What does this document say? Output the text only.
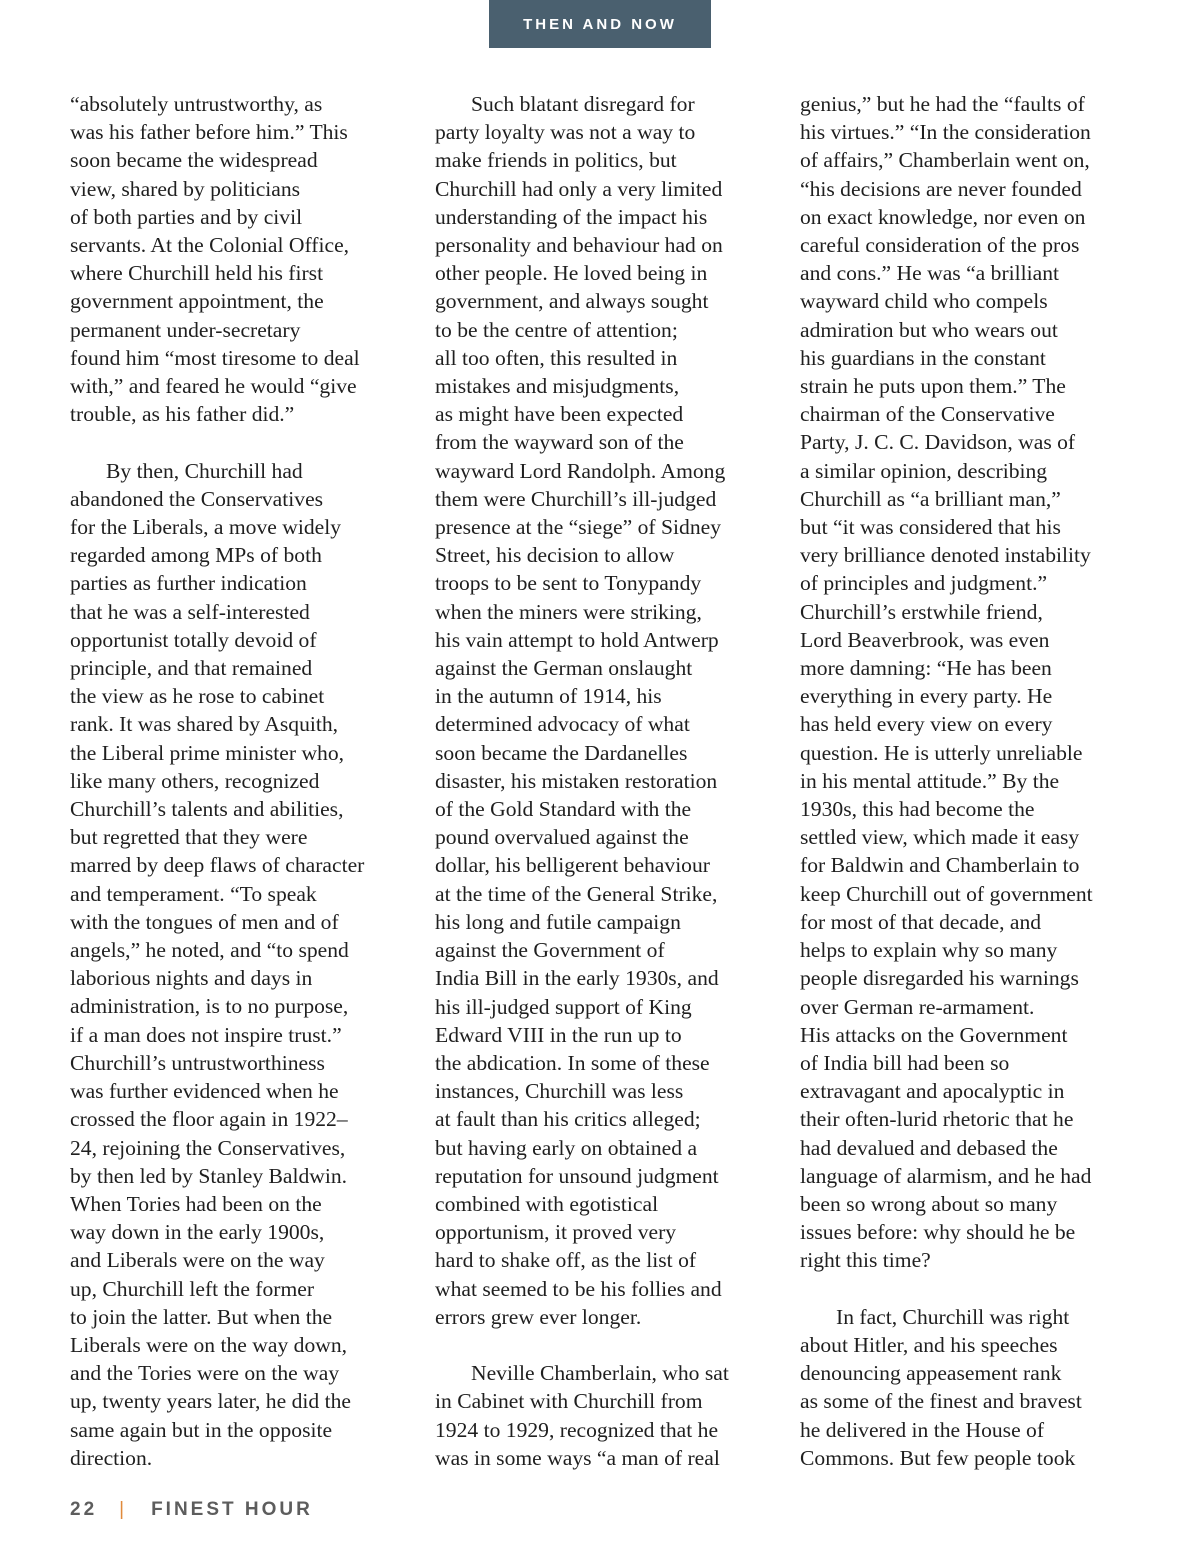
THEN AND NOW

“absolutely untrustworthy, as
was his father before him.” This
soon became the widespread
view, shared by politicians
of both parties and by civil
servants. At the Colonial Office,
where Churchill held his first
government appointment, the
permanent under-secretary
found him “most tiresome to deal
with,” and feared he would “give
trouble, as his father did.”

By then, Churchill had
abandoned the Conservatives
for the Liberals, a move widely
regarded among MPs of both
parties as further indication
that he was a self-interested
opportunist totally devoid of
principle, and that remained
the view as he rose to cabinet
rank. It was shared by Asquith,
the Liberal prime minister who,
like many others, recognized
Churchill’s talents and abilities,
but regretted that they were
marred by deep flaws of character
and temperament. “To speak
with the tongues of men and of
angels,” he noted, and “to spend
laborious nights and days in
administration, is to no purpose,
if a man does not inspire trust.”
Churchill’s untrustworthiness
was further evidenced when he
crossed the floor again in 1922–
24, rejoining the Conservatives,
by then led by Stanley Baldwin.
When Tories had been on the
way down in the early 1900s,
and Liberals were on the way
up, Churchill left the former
to join the latter. But when the
Liberals were on the way down,
and the Tories were on the way
up, twenty years later, he did the
same again but in the opposite
direction.

Such blatant disregard for
party loyalty was not a way to
make friends in politics, but
Churchill had only a very limited
understanding of the impact his
personality and behaviour had on
other people. He loved being in
government, and always sought
to be the centre of attention;
all too often, this resulted in
mistakes and misjudgments,
as might have been expected
from the wayward son of the
wayward Lord Randolph. Among
them were Churchill’s ill-judged
presence at the “siege” of Sidney
Street, his decision to allow
troops to be sent to Tonypandy
when the miners were striking,
his vain attempt to hold Antwerp
against the German onslaught
in the autumn of 1914, his
determined advocacy of what
soon became the Dardanelles
disaster, his mistaken restoration
of the Gold Standard with the
pound overvalued against the
dollar, his belligerent behaviour
at the time of the General Strike,
his long and futile campaign
against the Government of
India Bill in the early 1930s, and
his ill-judged support of King
Edward VIII in the run up to
the abdication. In some of these
instances, Churchill was less
at fault than his critics alleged;
but having early on obtained a
reputation for unsound judgment
combined with egotistical
opportunism, it proved very
hard to shake off, as the list of
what seemed to be his follies and
errors grew ever longer.

Neville Chamberlain, who sat
in Cabinet with Churchill from
1924 to 1929, recognized that he
was in some ways “a man of real

genius,” but he had the “faults of
his virtues.” “In the consideration
of affairs,” Chamberlain went on,
“his decisions are never founded
on exact knowledge, nor even on
careful consideration of the pros
and cons.” He was “a brilliant
wayward child who compels
admiration but who wears out
his guardians in the constant
strain he puts upon them.” The
chairman of the Conservative
Party, J. C. C. Davidson, was of
a similar opinion, describing
Churchill as “a brilliant man,”
but “it was considered that his
very brilliance denoted instability
of principles and judgment.”
Churchill’s erstwhile friend,
Lord Beaverbrook, was even
more damning: “He has been
everything in every party. He
has held every view on every
question. He is utterly unreliable
in his mental attitude.” By the
1930s, this had become the
settled view, which made it easy
for Baldwin and Chamberlain to
keep Churchill out of government
for most of that decade, and
helps to explain why so many
people disregarded his warnings
over German re-armament.
His attacks on the Government
of India bill had been so
extravagant and apocalyptic in
their often-lurid rhetoric that he
had devalued and debased the
language of alarmism, and he had
been so wrong about so many
issues before: why should he be
right this time?

In fact, Churchill was right
about Hitler, and his speeches
denouncing appeasement rank
as some of the finest and bravest
he delivered in the House of
Commons. But few people took

22 | FINEST HOUR
